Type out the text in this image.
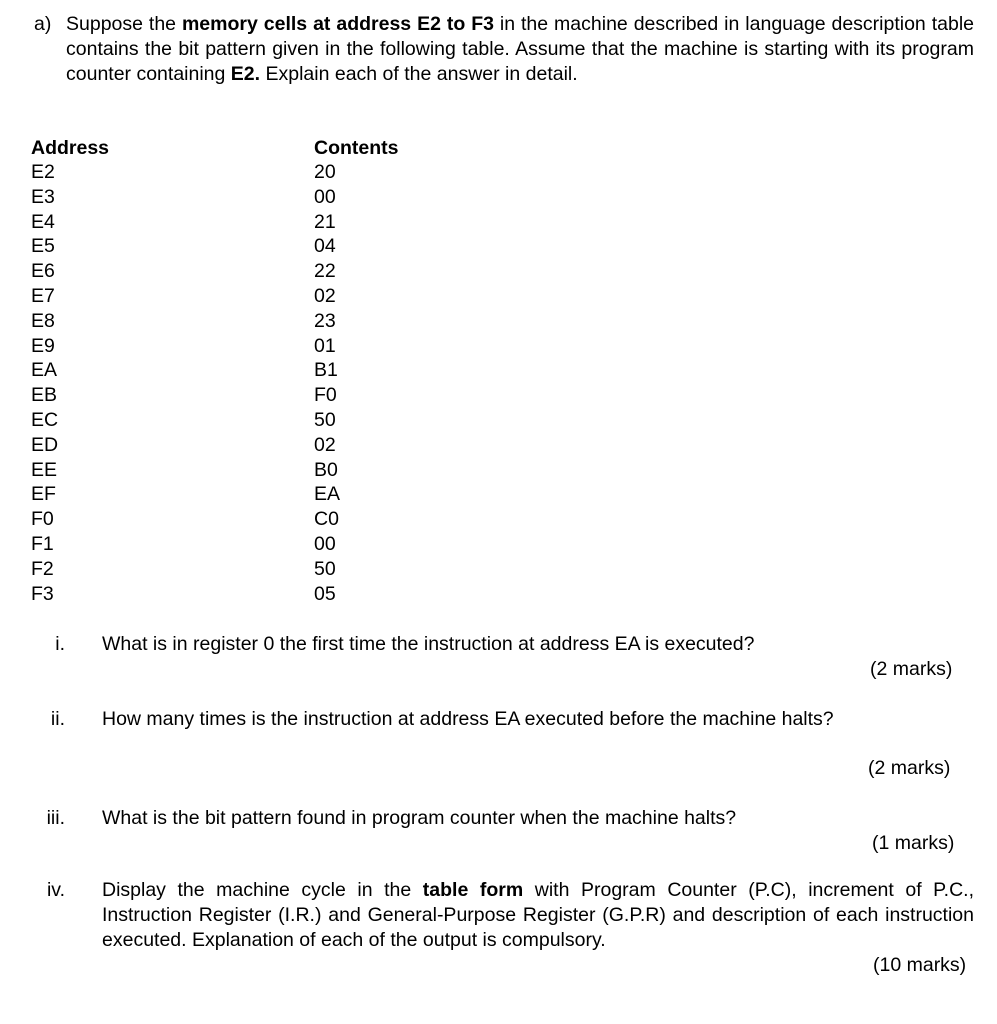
a) Suppose the memory cells at address E2 to F3 in the machine described in language description table contains the bit pattern given in the following table. Assume that the machine is starting with its program counter containing E2. Explain each of the answer in detail.
Address	Contents
E2
E3
E4
E5
E6
E7
E8
E9
EA
EB
EC
ED
EE
EF
F0
F1
F2
F3
20
00
21
04
22
02
23
01
B1
F0
50
02
B0
EA
C0
00
50
05
i. What is in register 0 the first time the instruction at address EA is executed?
(2 marks)
ii. How many times is the instruction at address EA executed before the machine halts?
(2 marks)
iii. What is the bit pattern found in program counter when the machine halts?
(1 marks)
iv. Display the machine cycle in the table form with Program Counter (P.C), increment of P.C., Instruction Register (I.R.) and General-Purpose Register (G.P.R) and description of each instruction executed. Explanation of each of the output is compulsory.
(10 marks)
